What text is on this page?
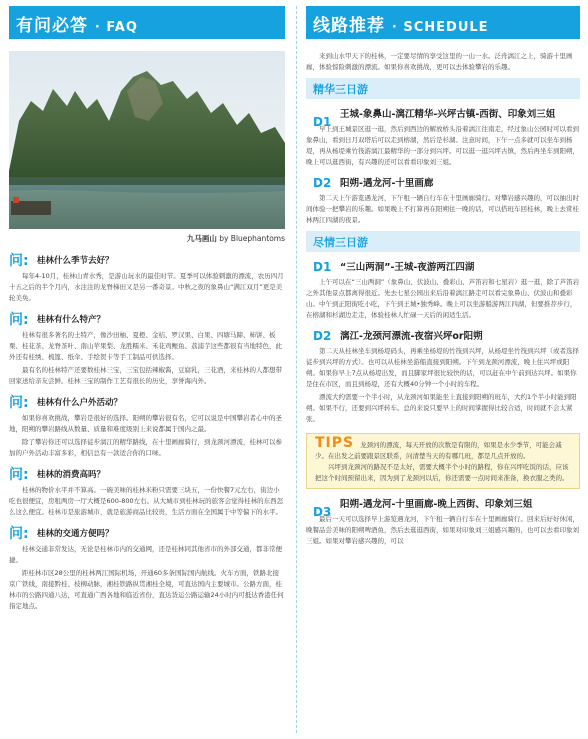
有问必答 · FAQ
九马画山 by Bluephantoms
问: 桂林什么季节去好？

每年4-10月，桂林山青水秀，是游山玩水的最佳时节。夏季可以体验刺激的漂流，农历四月十五之后的半个月内，水注注的龙脊梯田又是另一番奇景。中秋之夜的象鼻山“满江双月”更是美轮美奂。

问: 桂林有什么特产？

桂林有很多著名的土特产，像沙田柚、夏橙、金桔、罗汉果、白果、四塘马蹄、柿饼、板栗、桂花茶、龙脊茶叶、南山苹果梨、龙胜糯米、禾花鸡鲤鱼、荔浦芋这些都很有当地特色，此外还有桂绣、梳篦、纸伞、手绘贺卡等手工制品可供选择。

最有名的桂林特产还要数桂林三宝，三宝包括辣椒酱，豆腐乳，三花酒，来桂林的人都想带回家送给亲友尝鲜。桂林三宝的制作工艺有很长的历史，享誉海内外。

问: 桂林有什么户外活动？

如果你喜欢挑战，攀岩是很好的选择。阳朔的攀岩很有名，它可以说是中国攀岩者心中的圣地，阳朔的攀岩路线从数量、质量和难度级别上来说都属于国内之最。

除了攀岩你还可以选择徒步漓江的精华路线，在十里画廊骑行，到龙颈河漂流，桂林可以参加的户外活动丰富多彩，相信总有一款适合你的口味。

问: 桂林的消费高吗？

桂林的物价水平并不算高。一碗美味的桂林米粉只需要三块五，一份快餐7元左右，街边小吃也很便宜，房租两房一厅大概是600-800左右。从大城市到桂林玩的旅客会觉得桂林的东西怎么这么便宜。桂林市是旅游城市，就是旅游商品比较贵，生活方面在全国属于中等偏下的水平。

问: 桂林的交通方便吗？

桂林交通非常发达，无论是桂林市内的交通网，还是桂林同其他省市的外部交通，都非常便捷。

距桂林市区28公里的桂林两江国际机场，开通60多条国际国内航线。火车方面，铁路北接京广铁线，南接黔桂、枝柳动脉，湘桂铁路纵贯湘桂全境，可直达国内主要城市。公路方面，桂林市的公路四通八达，可直通广西各地和临近省份，直达货运公路运输24小时内可抵达香港任何指定地点。

线路推荐 · SCHEDULE

来到山水甲天下的桂林，一定要尽情的享受这里的一山一水。泛舟漓江之上，骑游十里画廊，体验惊险刺激的漂流。如果你喜欢挑战，更可以去体验攀岩的乐趣。

精华三日游
D1
王城-象鼻山-漓江精华-兴坪古镇-西街、印象刘三姐

早上到王城景区逛一逛，然后到西边的解放桥头沿着漓江往南走，经过象山公园时可以看到象鼻山，看到日月双塔后可以走到榕湖，然后是杉湖。注意时间，下午一点多就可以坐车到杨堤，再从杨堤乘竹筏游漓江最精华的一部分到兴坪。可以逛一逛兴坪古镇，然后再坐车到阳朔，晚上可以逛西街，有兴趣的还可以看看印象刘三姐。

D2 阳朔-遇龙河-十里画廊

第二天上午游览遇龙河，下午租一辆自行车在十里画廊骑行。对攀岩感兴趣的，可以抽出时间体验一把攀岩的乐趣。如果晚上不打算再在阳朔住一晚的话，可以搭班车回桂林，晚上去赏桂林两江四湖的夜景。

尽情三日游
D1 “三山两洞”-王城-夜游两江四湖

上午可以在“三山两洞”（象鼻山、伏波山、叠彩山、芦笛岩和七星岩）逛一逛，除了芦笛岩之外其他景点都离得很近。先去七星公园出来后沿着漓江路走可以看完象鼻山、伏波山和叠彩山。中午到正阳街吃小吃，下午到王城•独秀峰。晚上可以坐游船游两江四湖，但要推荐步行，在榕湖和杉湖边走走，体验桂林人忙碌一天后的闲适生活。

D2 漓江-龙颈河漂流-夜宿兴坪or阳朔

第二天从桂林坐车到杨堤码头，再乘坐杨堤的竹筏到兴坪，从杨堤坐竹筏到兴坪（或者选择徒步到兴坪的方式）。也可以从桂林坐游船直接到阳朔。下午到龙颈河漂流，晚上住兴坪或阳朔。如果你早上7点从杨堤出发，而且脚家坪很比较快的话，可以赶在中午前到达兴坪。如果你是住在市区，而且到杨堤，还有大概40分钟一个小时的车程。

漂流大约需要一个半小时，从龙颈河如果能坐上直接到阳朔的班车，大约1个半小时能到阳朔。如果不行，还要到兴坪转车。总的来说只要早上的时间掌握得比较合适，时间就不会太紧张。

TIPS 龙颈河的漂流，每天开放的次数是有限的，如果是水少季节，可能会减少。在出发之前要跟景区联系，问清楚当天的有哪几班，都是几点开放的。

兴坪到龙颈河的路况不是太好，需要大概半个小时的路程，你在兴坪吃饭的话，应该把这个时间预留出来，因为到了龙颈河以后，你还需要一点时间来准备，换衣服之类的。

D3
阳朔-遇龙河-十里画廊-晚上西街、印象刘三姐

最后一天可以选择早上游览遇龙河，下午租一辆自行车在十里画廊骑行。回来后好好休闲，晚餐品尝美味的阳朔啤酒鱼，然后去逛逛西街，如果对印象刘三姐感兴趣的，也可以去看印象刘三姐。如果对攀岩感兴趣的，可以
